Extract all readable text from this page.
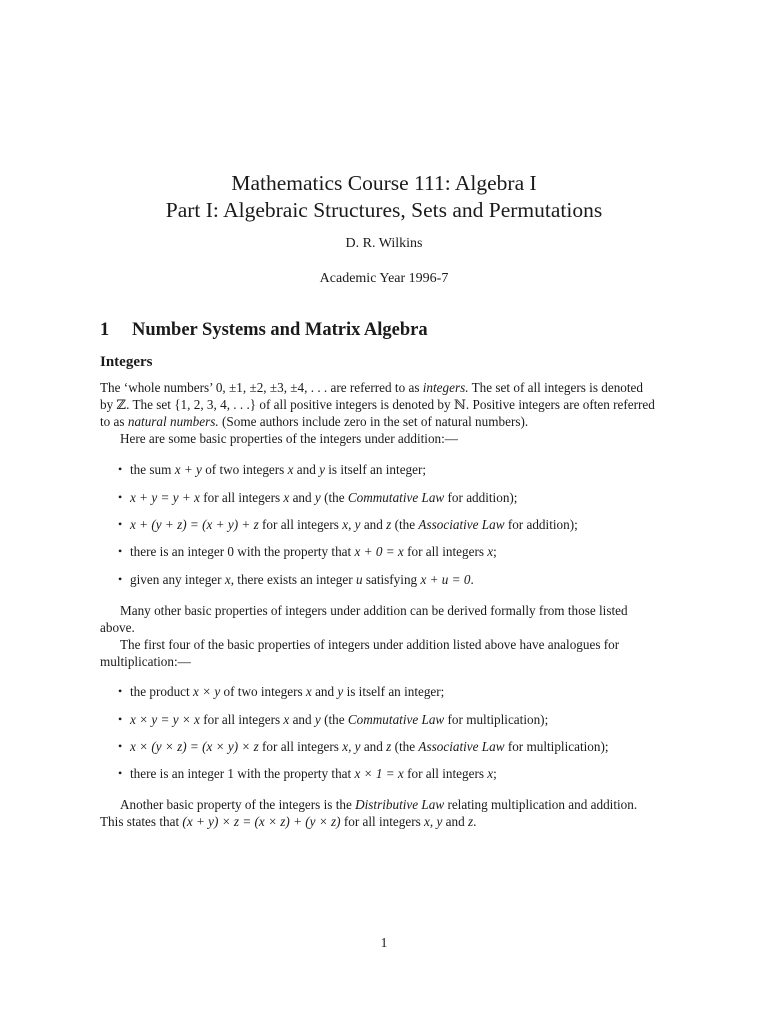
Mathematics Course 111: Algebra I
Part I: Algebraic Structures, Sets and Permutations
D. R. Wilkins
Academic Year 1996-7
1 Number Systems and Matrix Algebra
Integers
The ‘whole numbers’ 0, ±1, ±2, ±3, ±4, . . . are referred to as integers. The set of all integers is denoted
by ℤ. The set {1, 2, 3, 4, . . .} of all positive integers is denoted by ℕ. Positive integers are often referred
to as natural numbers. (Some authors include zero in the set of natural numbers).
Here are some basic properties of the integers under addition:—
• the sum x + y of two integers x and y is itself an integer;
• x + y = y + x for all integers x and y (the Commutative Law for addition);
• x + (y + z) = (x + y) + z for all integers x, y and z (the Associative Law for addition);
• there is an integer 0 with the property that x + 0 = x for all integers x;
• given any integer x, there exists an integer u satisfying x + u = 0.
Many other basic properties of integers under addition can be derived formally from those listed
above.
The first four of the basic properties of integers under addition listed above have analogues for
multiplication:—
• the product x × y of two integers x and y is itself an integer;
• x × y = y × x for all integers x and y (the Commutative Law for multiplication);
• x × (y × z) = (x × y) × z for all integers x, y and z (the Associative Law for multiplication);
• there is an integer 1 with the property that x × 1 = x for all integers x;
Another basic property of the integers is the Distributive Law relating multiplication and addition.
This states that (x + y) × z = (x × z) + (y × z) for all integers x, y and z.
1
